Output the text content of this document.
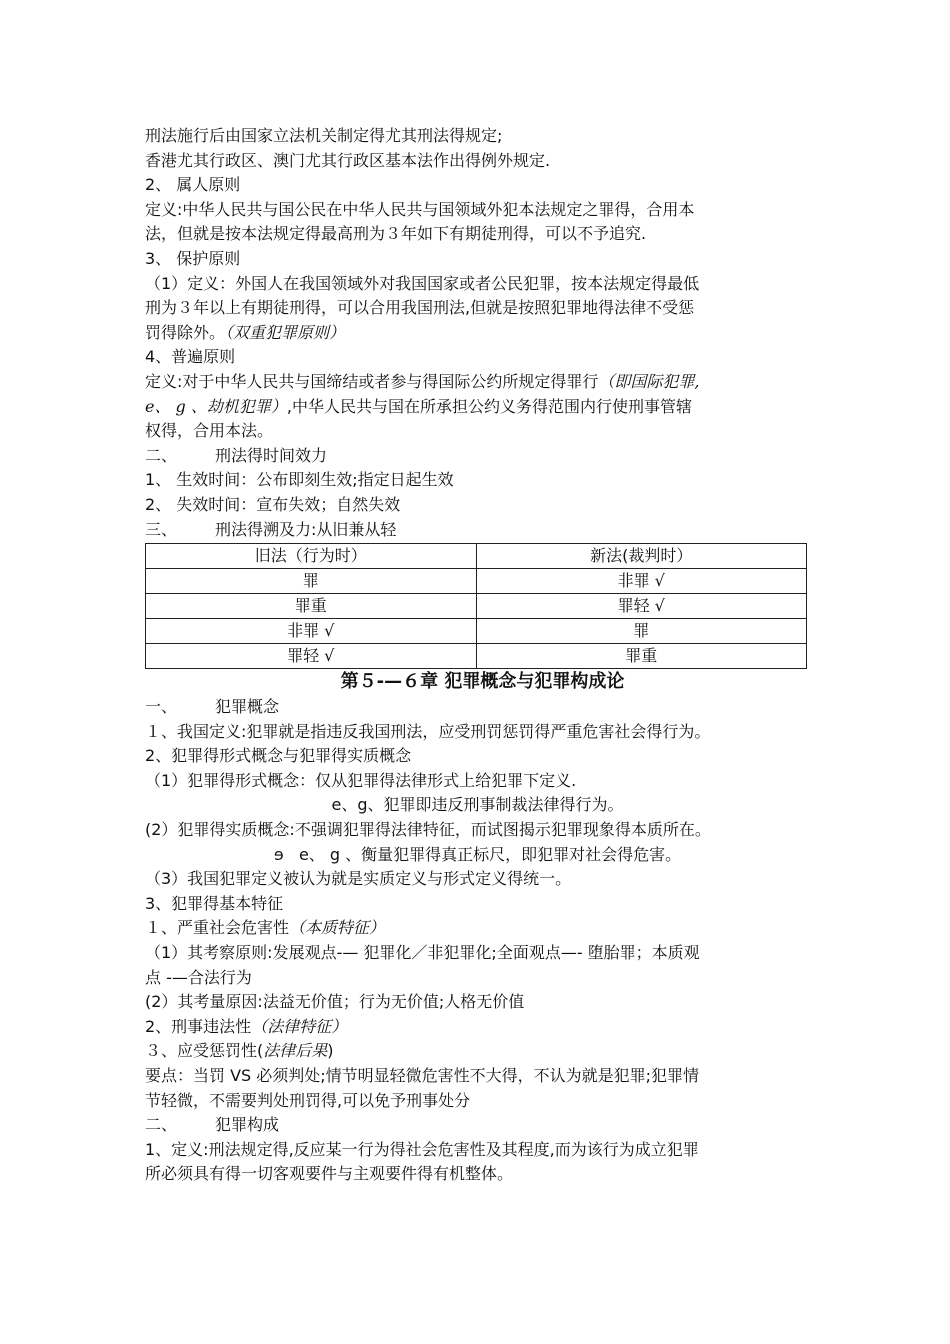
刑法施行后由国家立法机关制定得尤其刑法得规定;
香港尤其行政区、澳门尤其行政区基本法作出得例外规定.
2、 属人原则
定义:中华人民共与国公民在中华人民共与国领域外犯本法规定之罪得，合用本
法，但就是按本法规定得最高刑为３年如下有期徒刑得，可以不予追究.
3、 保护原则
（1）定义：外国人在我国领域外对我国国家或者公民犯罪，按本法规定得最低
刑为３年以上有期徒刑得，可以合用我国刑法,但就是按照犯罪地得法律不受惩
罚得除外。（双重犯罪原则）
4、普遍原则
定义:对于中华人民共与国缔结或者参与得国际公约所规定得罪行（即国际犯罪,
e、 g 、劫机犯罪）,中华人民共与国在所承担公约义务得范围内行使刑事管辖
权得，合用本法。
二、 刑法得时间效力
1、 生效时间：公布即刻生效;指定日起生效
2、 失效时间：宣布失效；自然失效
三、 刑法得溯及力:从旧兼从轻
旧法（行为时）	新法(裁判时）
罪	非罪 √
罪重	罪轻 √
非罪 √	罪
罪轻 √	罪重
第５-—６章 犯罪概念与犯罪构成论
一、 犯罪概念
１、我国定义:犯罪就是指违反我国刑法，应受刑罚惩罚得严重危害社会得行为。
2、犯罪得形式概念与犯罪得实质概念
（1）犯罪得形式概念：仅从犯罪得法律形式上给犯罪下定义.
e、g、犯罪即违反刑事制裁法律得行为。
(2）犯罪得实质概念:不强调犯罪得法律特征，而试图揭示犯罪现象得本质所在。
ɘ e、 g 、衡量犯罪得真正标尺，即犯罪对社会得危害。
（3）我国犯罪定义被认为就是实质定义与形式定义得统一。
3、犯罪得基本特征
１、严重社会危害性（本质特征）
（1）其考察原则:发展观点-— 犯罪化／非犯罪化;全面观点—- 堕胎罪；本质观
点 -—合法行为
(2）其考量原因:法益无价值；行为无价值;人格无价值
2、刑事违法性（法律特征）
３、应受惩罚性(法律后果)
要点：当罚 VS 必须判处;情节明显轻微危害性不大得，不认为就是犯罪;犯罪情
节轻微，不需要判处刑罚得,可以免予刑事处分
二、 犯罪构成
1、定义:刑法规定得,反应某一行为得社会危害性及其程度,而为该行为成立犯罪
所必须具有得一切客观要件与主观要件得有机整体。
